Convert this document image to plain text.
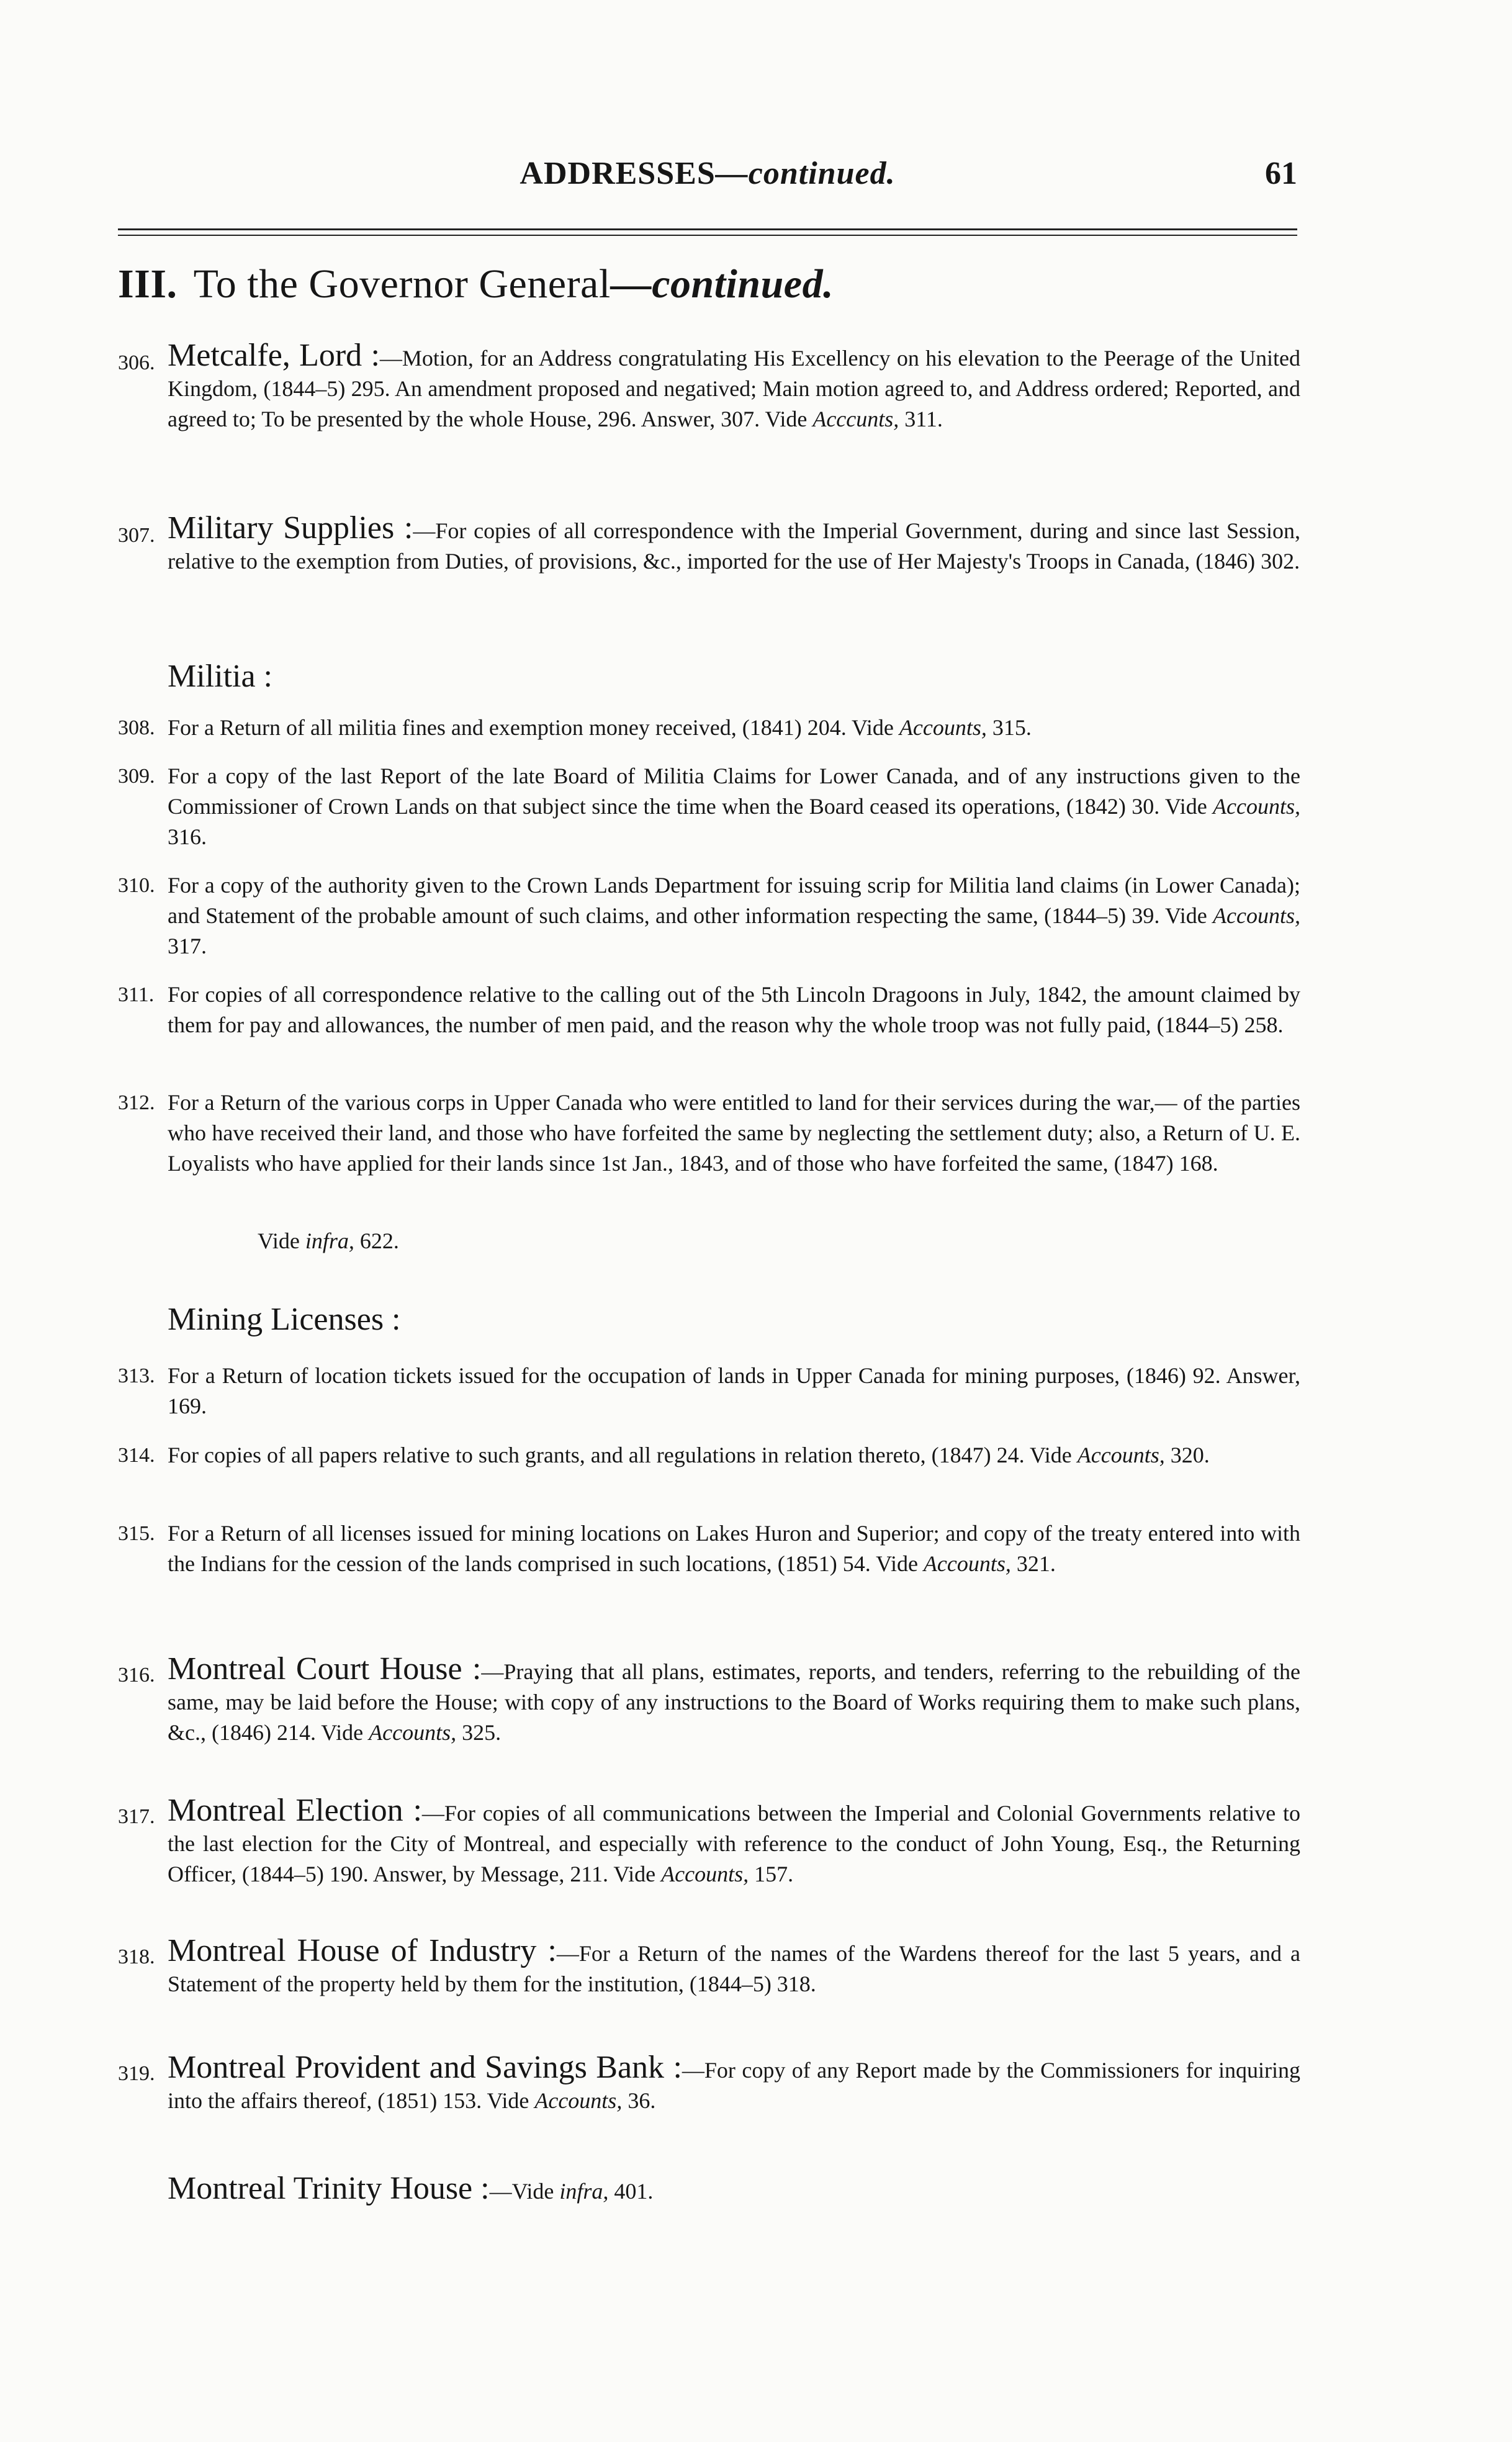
ADDRESSES—continued.	61
III. To the Governor General—continued.
306. Metcalfe, Lord :—Motion, for an Address congratulating His Excellency on his elevation to the Peerage of the United Kingdom, (1844–5) 295. An amendment proposed and negatived; Main motion agreed to, and Address ordered; Reported, and agreed to; To be presented by the whole House, 296. Answer, 307. Vide Acccunts, 311.
307. Military Supplies :—For copies of all correspondence with the Imperial Government, during and since last Session, relative to the exemption from Duties, of provisions, &c., imported for the use of Her Majesty's Troops in Canada, (1846) 302.
Militia :
308. For a Return of all militia fines and exemption money received, (1841) 204. Vide Accounts, 315.
309. For a copy of the last Report of the late Board of Militia Claims for Lower Canada, and of any instructions given to the Commissioner of Crown Lands on that subject since the time when the Board ceased its operations, (1842) 30. Vide Accounts, 316.
310. For a copy of the authority given to the Crown Lands Department for issuing scrip for Militia land claims (in Lower Canada); and Statement of the probable amount of such claims, and other information respecting the same, (1844–5) 39. Vide Accounts, 317.
311. For copies of all correspondence relative to the calling out of the 5th Lincoln Dragoons in July, 1842, the amount claimed by them for pay and allowances, the number of men paid, and the reason why the whole troop was not fully paid, (1844–5) 258.
312. For a Return of the various corps in Upper Canada who were entitled to land for their services during the war,— of the parties who have received their land, and those who have forfeited the same by neglecting the settlement duty; also, a Return of U. E. Loyalists who have applied for their lands since 1st Jan., 1843, and of those who have forfeited the same, (1847) 168.
Vide infra, 622.
Mining Licenses :
313. For a Return of location tickets issued for the occupation of lands in Upper Canada for mining purposes, (1846) 92. Answer, 169.
314. For copies of all papers relative to such grants, and all regulations in relation thereto, (1847) 24. Vide Accounts, 320.
315. For a Return of all licenses issued for mining locations on Lakes Huron and Superior; and copy of the treaty entered into with the Indians for the cession of the lands comprised in such locations, (1851) 54. Vide Accounts, 321.
316. Montreal Court House :—Praying that all plans, estimates, reports, and tenders, referring to the rebuilding of the same, may be laid before the House; with copy of any instructions to the Board of Works requiring them to make such plans, &c., (1846) 214. Vide Accounts, 325.
317. Montreal Election :—For copies of all communications between the Imperial and Colonial Governments relative to the last election for the City of Montreal, and especially with reference to the conduct of John Young, Esq., the Returning Officer, (1844–5) 190. Answer, by Message, 211. Vide Accounts, 157.
318. Montreal House of Industry :—For a Return of the names of the Wardens thereof for the last 5 years, and a Statement of the property held by them for the institution, (1844–5) 318.
319. Montreal Provident and Savings Bank :—For copy of any Report made by the Commissioners for inquiring into the affairs thereof, (1851) 153. Vide Accounts, 36.
Montreal Trinity House :—Vide infra, 401.
